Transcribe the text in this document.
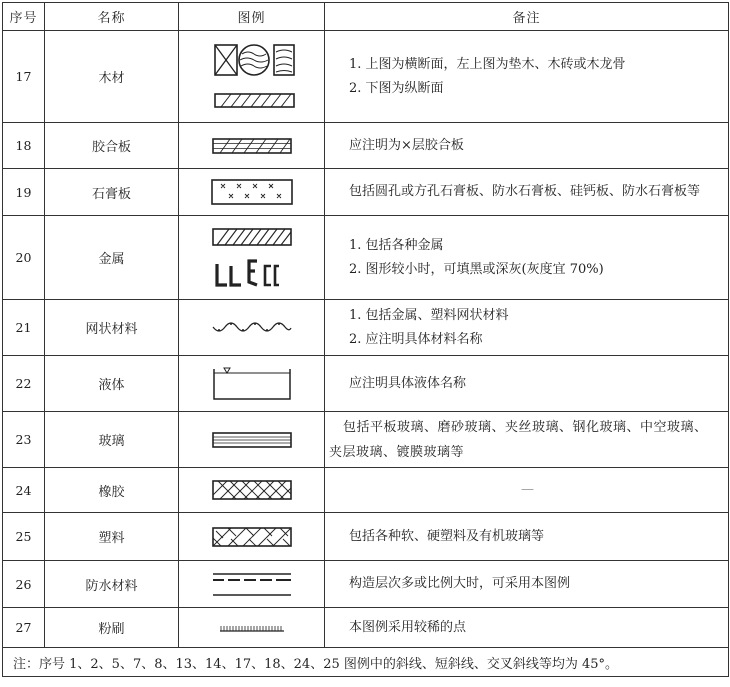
序号	名称	图例	备注
17	木材		1. 上图为横断面，左上图为垫木、木砖或木龙骨
2. 下图为纵断面

18	胶合板		应注明为×层胶合板

19	石膏板		包括圆孔或方孔石膏板、防水石膏板、硅钙板、防水石膏板等

20	金属		1. 包括各种金属
2. 图形较小时，可填黑或深灰(灰度宜 70%)

21	网状材料		1. 包括金属、塑料网状材料
2. 应注明具体材料名称

22	液体		应注明具体液体名称

23	玻璃		包括平板玻璃、磨砂玻璃、夹丝玻璃、钢化玻璃、中空玻璃、夹层玻璃、镀膜玻璃等
24	橡胶		—
25	塑料		包括各种软、硬塑料及有机玻璃等

26	防水材料		构造层次多或比例大时，可采用本图例

27	粉刷		本图例采用较稀的点

注：序号 1、2、5、7、8、13、14、17、18、24、25 图例中的斜线、短斜线、交叉斜线等均为 45°。			
